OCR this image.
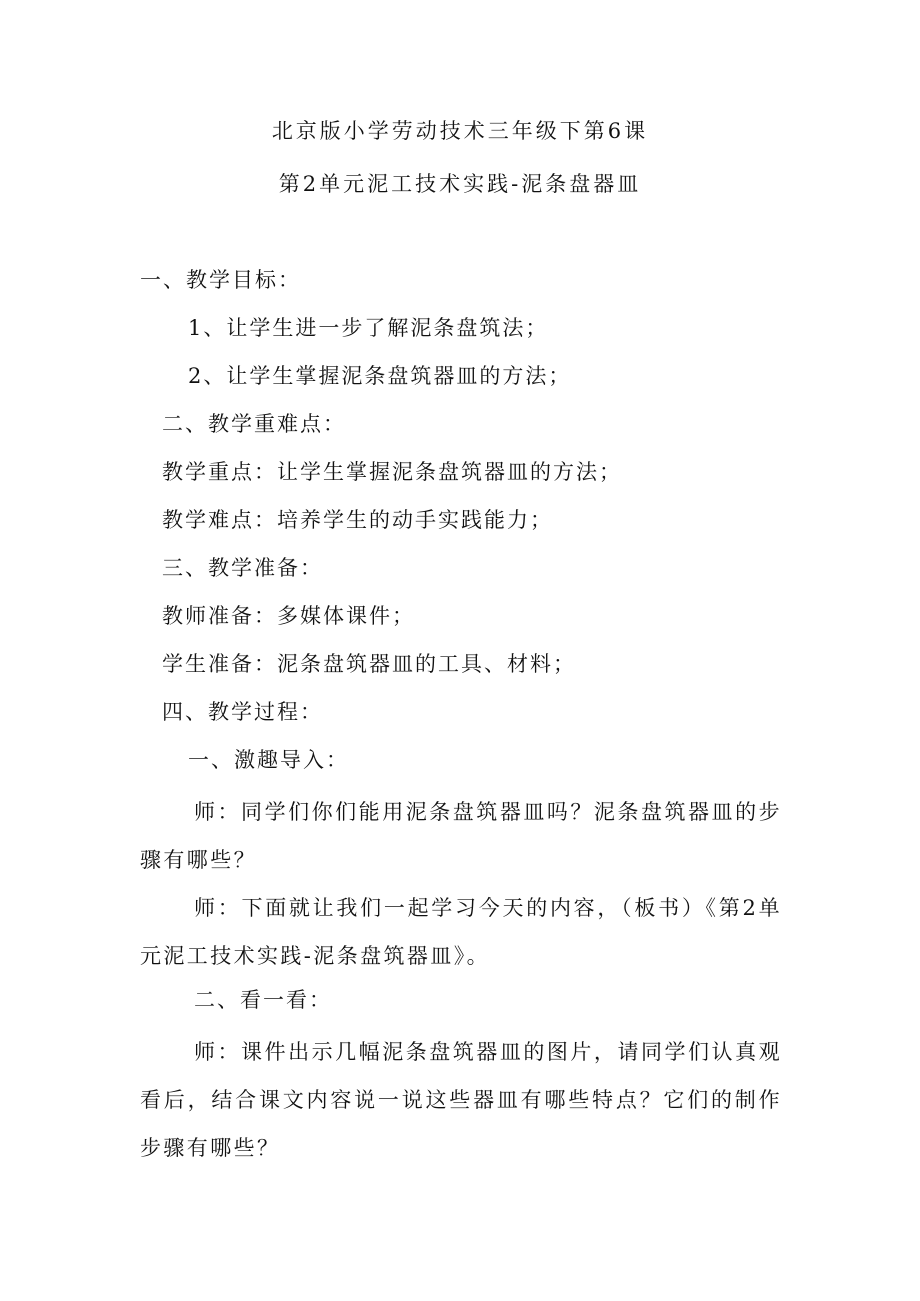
北京版小学劳动技术三年级下第6课
第2单元泥工技术实践-泥条盘器皿
一、教学目标：
1、让学生进一步了解泥条盘筑法；
2、让学生掌握泥条盘筑器皿的方法；
二、教学重难点：
教学重点：让学生掌握泥条盘筑器皿的方法；
教学难点：培养学生的动手实践能力；
三、教学准备：
教师准备：多媒体课件；
学生准备：泥条盘筑器皿的工具、材料；
四、教学过程：
一、激趣导入：
师：同学们你们能用泥条盘筑器皿吗？泥条盘筑器皿的步骤有哪些？
师：下面就让我们一起学习今天的内容，（板书）《第2单元泥工技术实践-泥条盘筑器皿》。
二、看一看：
师：课件出示几幅泥条盘筑器皿的图片，请同学们认真观看后，结合课文内容说一说这些器皿有哪些特点？它们的制作步骤有哪些？
